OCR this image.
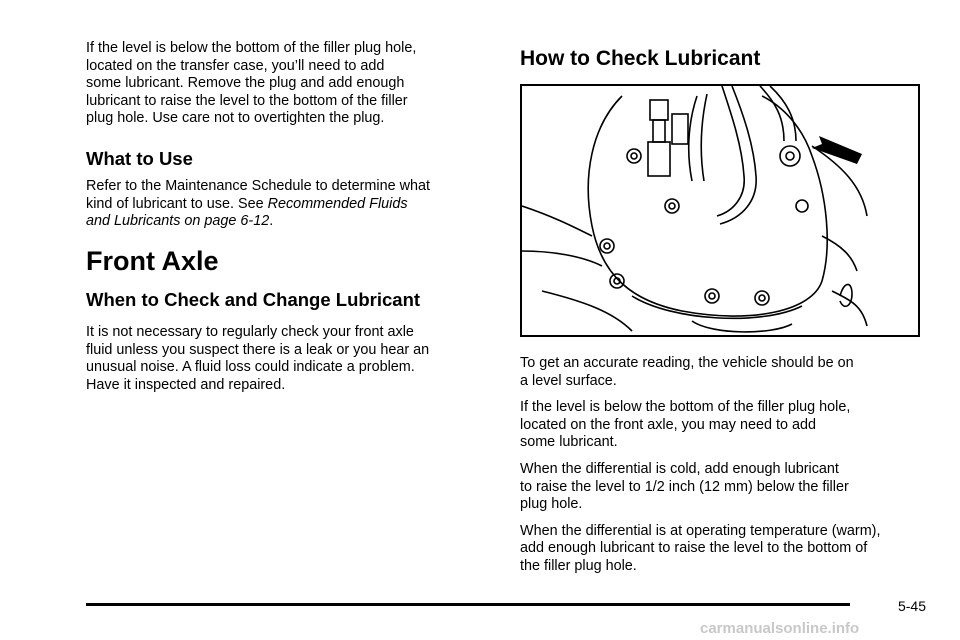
If the level is below the bottom of the filler plug hole,
located on the transfer case, you’ll need to add
some lubricant. Remove the plug and add enough
lubricant to raise the level to the bottom of the filler
plug hole. Use care not to overtighten the plug.

What to Use

Refer to the Maintenance Schedule to determine what
kind of lubricant to use. See Recommended Fluids
and Lubricants on page 6-12.

Front Axle
When to Check and Change Lubricant

It is not necessary to regularly check your front axle
fluid unless you suspect there is a leak or you hear an
unusual noise. A fluid loss could indicate a problem.
Have it inspected and repaired.

How to Check Lubricant

To get an accurate reading, the vehicle should be on
a level surface.

If the level is below the bottom of the filler plug hole,
located on the front axle, you may need to add
some lubricant.

When the differential is cold, add enough lubricant
to raise the level to 1/2 inch (12 mm) below the filler
plug hole.

When the differential is at operating temperature (warm),
add enough lubricant to raise the level to the bottom of
the filler plug hole.

5-45
carmanualsonline.info
